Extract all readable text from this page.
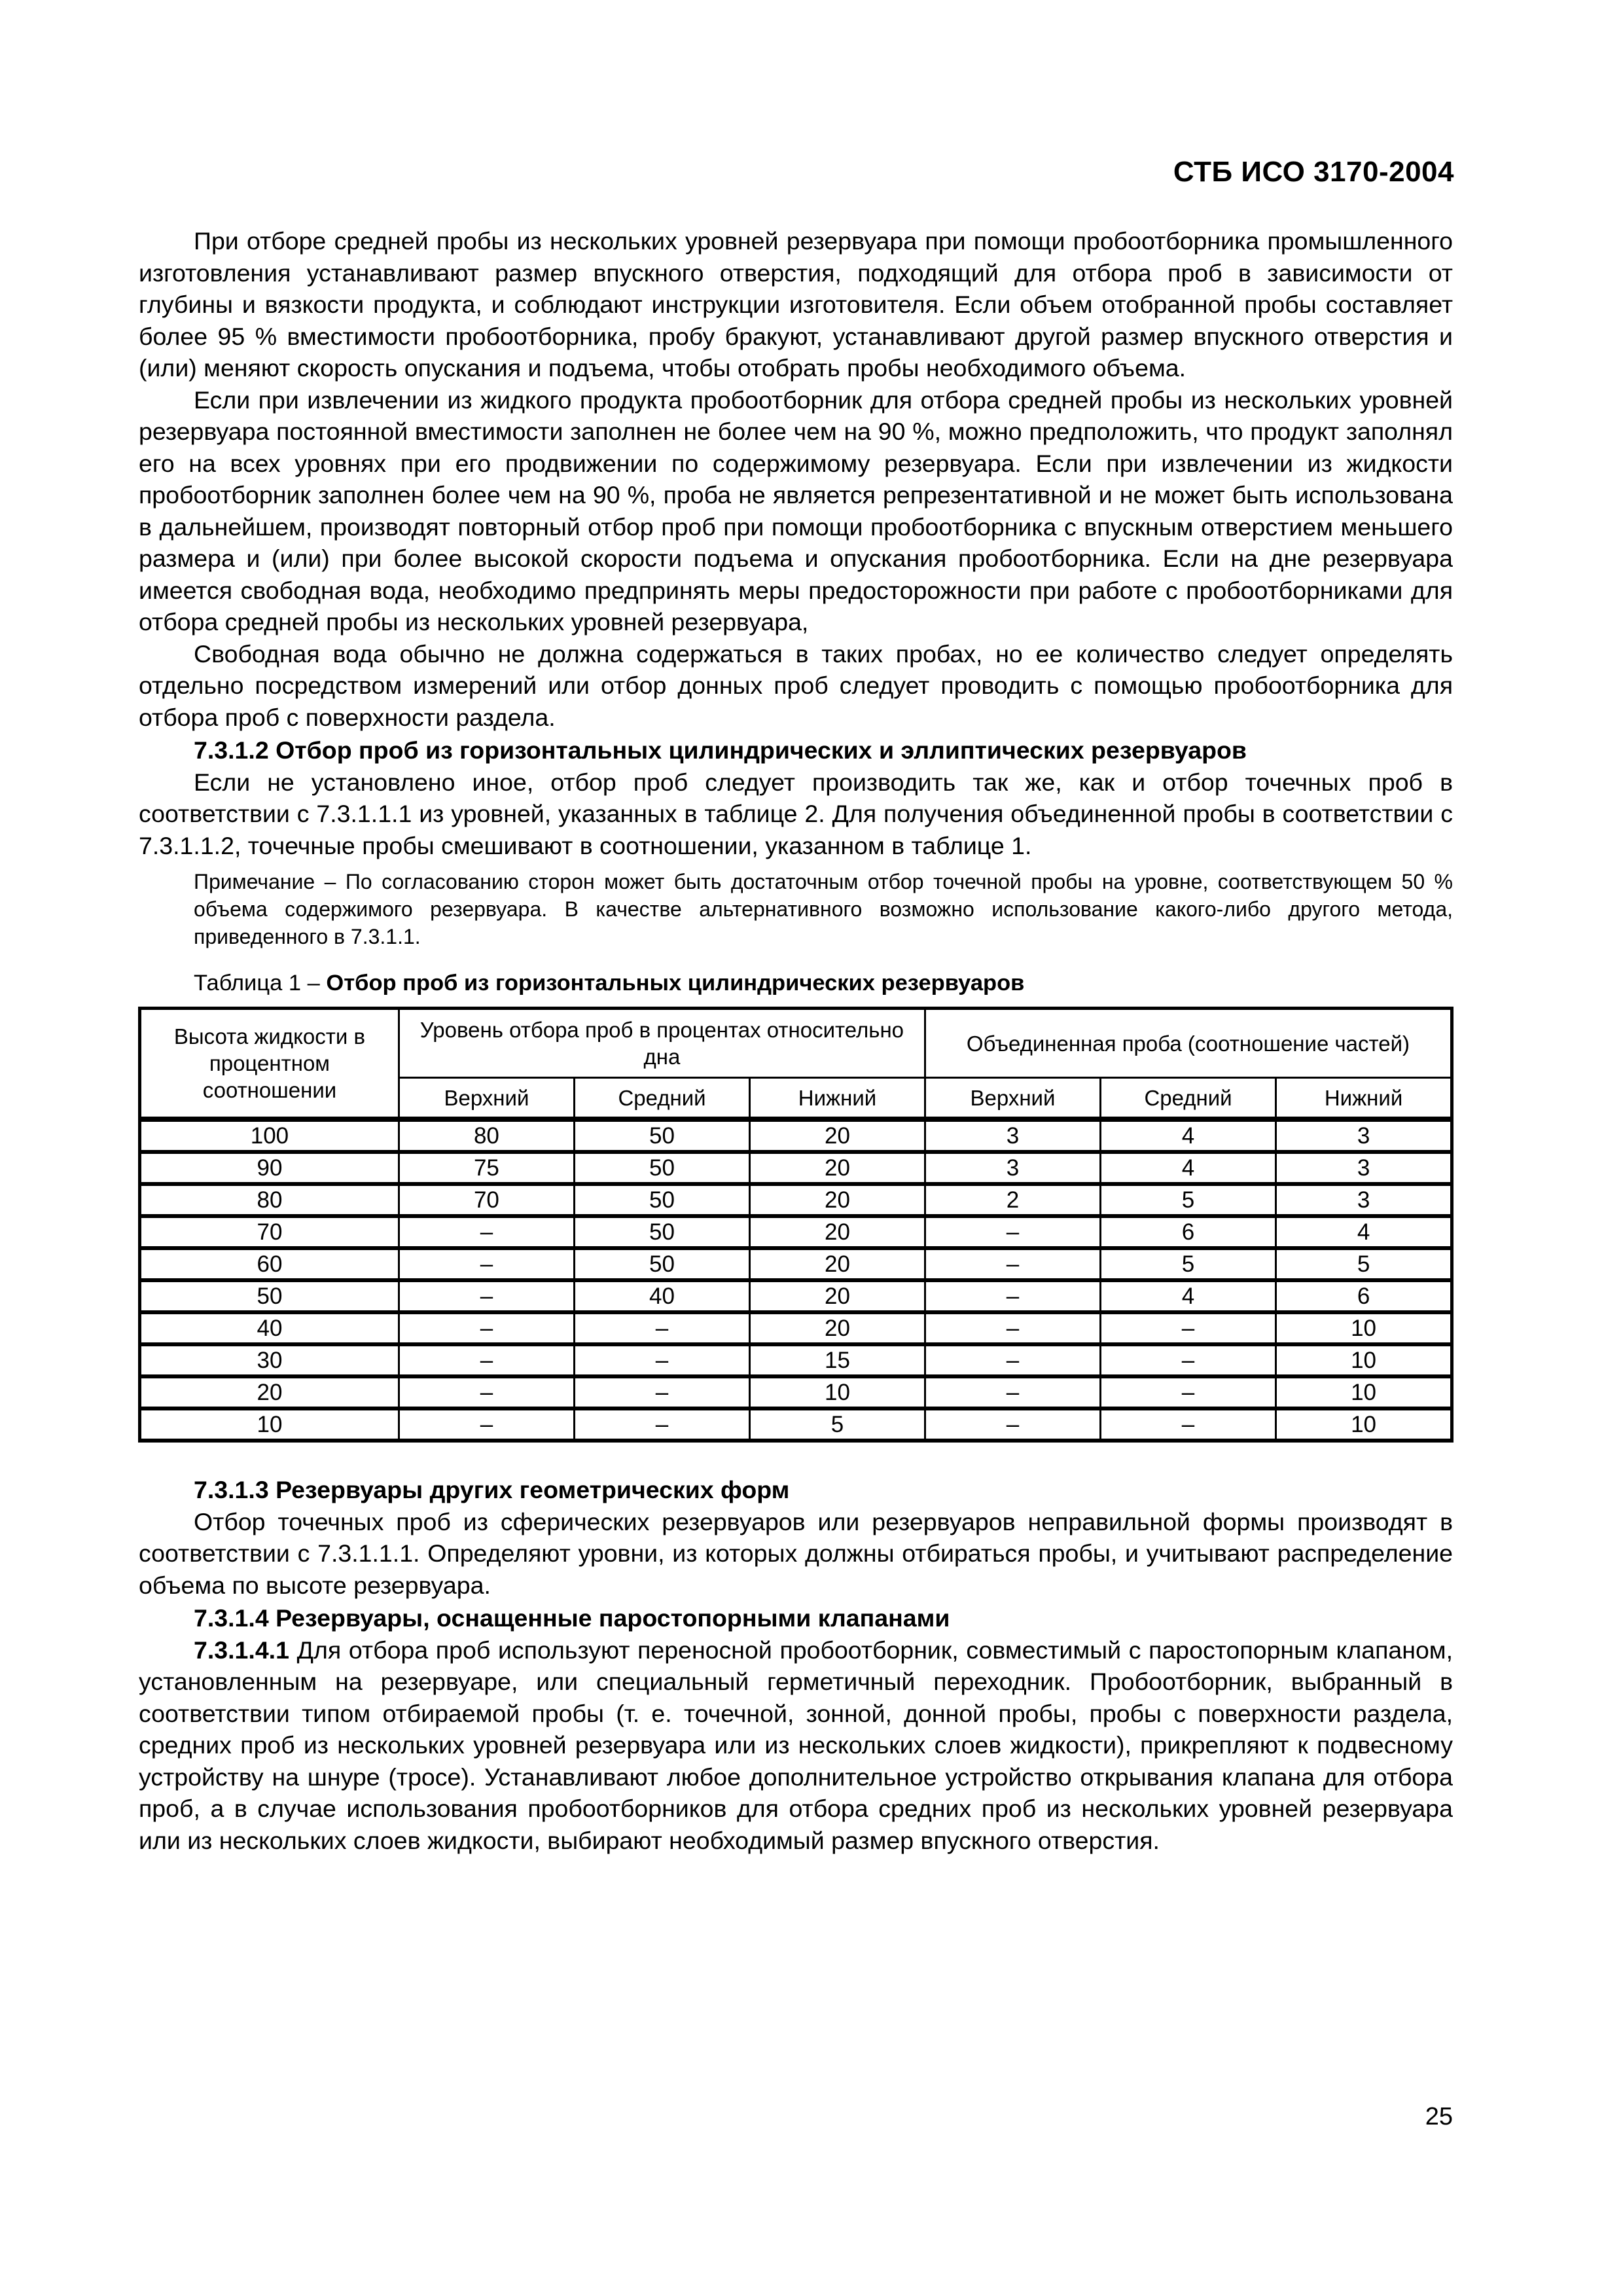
СТБ ИСО 3170-2004

При отборе средней пробы из нескольких уровней резервуара при помощи пробоотборника промышленного изготовления устанавливают размер впускного отверстия, подходящий для отбора проб в зависимости от глубины и вязкости продукта, и соблюдают инструкции изготовителя. Если объем отобранной пробы составляет более 95 % вместимости пробоотборника, пробу бракуют, устанавливают другой размер впускного отверстия и (или) меняют скорость опускания и подъема, чтобы отобрать пробы необходимого объема.

Если при извлечении из жидкого продукта пробоотборник для отбора средней пробы из нескольких уровней резервуара постоянной вместимости заполнен не более чем на 90 %, можно предположить, что продукт заполнял его на всех уровнях при его продвижении по содержимому резервуара. Если при извлечении из жидкости пробоотборник заполнен более чем на 90 %, проба не является репрезентативной и не может быть использована в дальнейшем, производят повторный отбор проб при помощи пробоотборника с впускным отверстием меньшего размера и (или) при более высокой скорости подъема и опускания пробоотборника. Если на дне резервуара имеется свободная вода, необходимо предпринять меры предосторожности при работе с пробоотборниками для отбора средней пробы из нескольких уровней резервуара,

Свободная вода обычно не должна содержаться в таких пробах, но ее количество следует определять отдельно посредством измерений или отбор донных проб следует проводить с помощью пробоотборника для отбора проб с поверхности раздела.

7.3.1.2 Отбор проб из горизонтальных цилиндрических и эллиптических резервуаров

Если не установлено иное, отбор проб следует производить так же, как и отбор точечных проб в соответствии с 7.3.1.1.1 из уровней, указанных в таблице 2. Для получения объединенной пробы в соответствии с 7.3.1.1.2, точечные пробы смешивают в соотношении, указанном в таблице 1.

Примечание – По согласованию сторон может быть достаточным отбор точечной пробы на уровне, соответствующем 50 % объема содержимого резервуара. В качестве альтернативного возможно использование какого-либо другого метода, приведенного в 7.3.1.1.

Таблица 1 – Отбор проб из горизонтальных цилиндрических резервуаров
Высота жидкости в процентном соотношении	Уровень отбора проб в процентах относительно дна			Объединенная проба (соотношение частей)		
	Верхний	Средний	Нижний	Верхний	Средний	Нижний
100	80	50	20	3	4	3
90	75	50	20	3	4	3
80	70	50	20	2	5	3
70	–	50	20	–	6	4
60	–	50	20	–	5	5
50	–	40	20	–	4	6
40	–	–	20	–	–	10
30	–	–	15	–	–	10
20	–	–	10	–	–	10
10	–	–	5	–	–	10

7.3.1.3 Резервуары других геометрических форм

Отбор точечных проб из сферических резервуаров или резервуаров неправильной формы производят в соответствии с 7.3.1.1.1. Определяют уровни, из которых должны отбираться пробы, и учитывают распределение объема по высоте резервуара.

7.3.1.4 Резервуары, оснащенные паростопорными клапанами

7.3.1.4.1 Для отбора проб используют переносной пробоотборник, совместимый с паростопорным клапаном, установленным на резервуаре, или специальный герметичный переходник. Пробоотборник, выбранный в соответствии типом отбираемой пробы (т. е. точечной, зонной, донной пробы, пробы с поверхности раздела, средних проб из нескольких уровней резервуара или из нескольких слоев жидкости), прикрепляют к подвесному устройству на шнуре (тросе). Устанавливают любое дополнительное устройство открывания клапана для отбора проб, а в случае использования пробоотборников для отбора средних проб из нескольких уровней резервуара или из нескольких слоев жидкости, выбирают необходимый размер впускного отверстия.

25
